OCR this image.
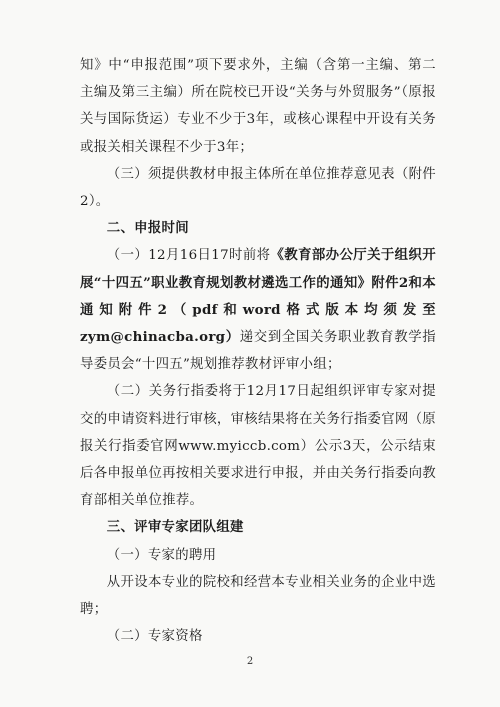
知》中“申报范围”项下要求外，主编（含第一主编、第二主编及第三主编）所在院校已开设“关务与外贸服务”（原报关与国际货运）专业不少于3年，或核心课程中开设有关务或报关相关课程不少于3年；

（三）须提供教材申报主体所在单位推荐意见表（附件2）。

二、申报时间

（一）12月16日17时前将《教育部办公厅关于组织开展“十四五”职业教育规划教材遴选工作的通知》附件2和本通知附件2（pdf和word格式版本均须发至zym@chinacba.org）递交到全国关务职业教育教学指导委员会“十四五”规划推荐教材评审小组；

（二）关务行指委将于12月17日起组织评审专家对提交的申请资料进行审核，审核结果将在关务行指委官网（原报关行指委官网www.myiccb.com）公示3天，公示结束后各申报单位再按相关要求进行申报，并由关务行指委向教育部相关单位推荐。

三、评审专家团队组建

（一）专家的聘用

从开设本专业的院校和经营本专业相关业务的企业中选聘；

（二）专家资格

2
